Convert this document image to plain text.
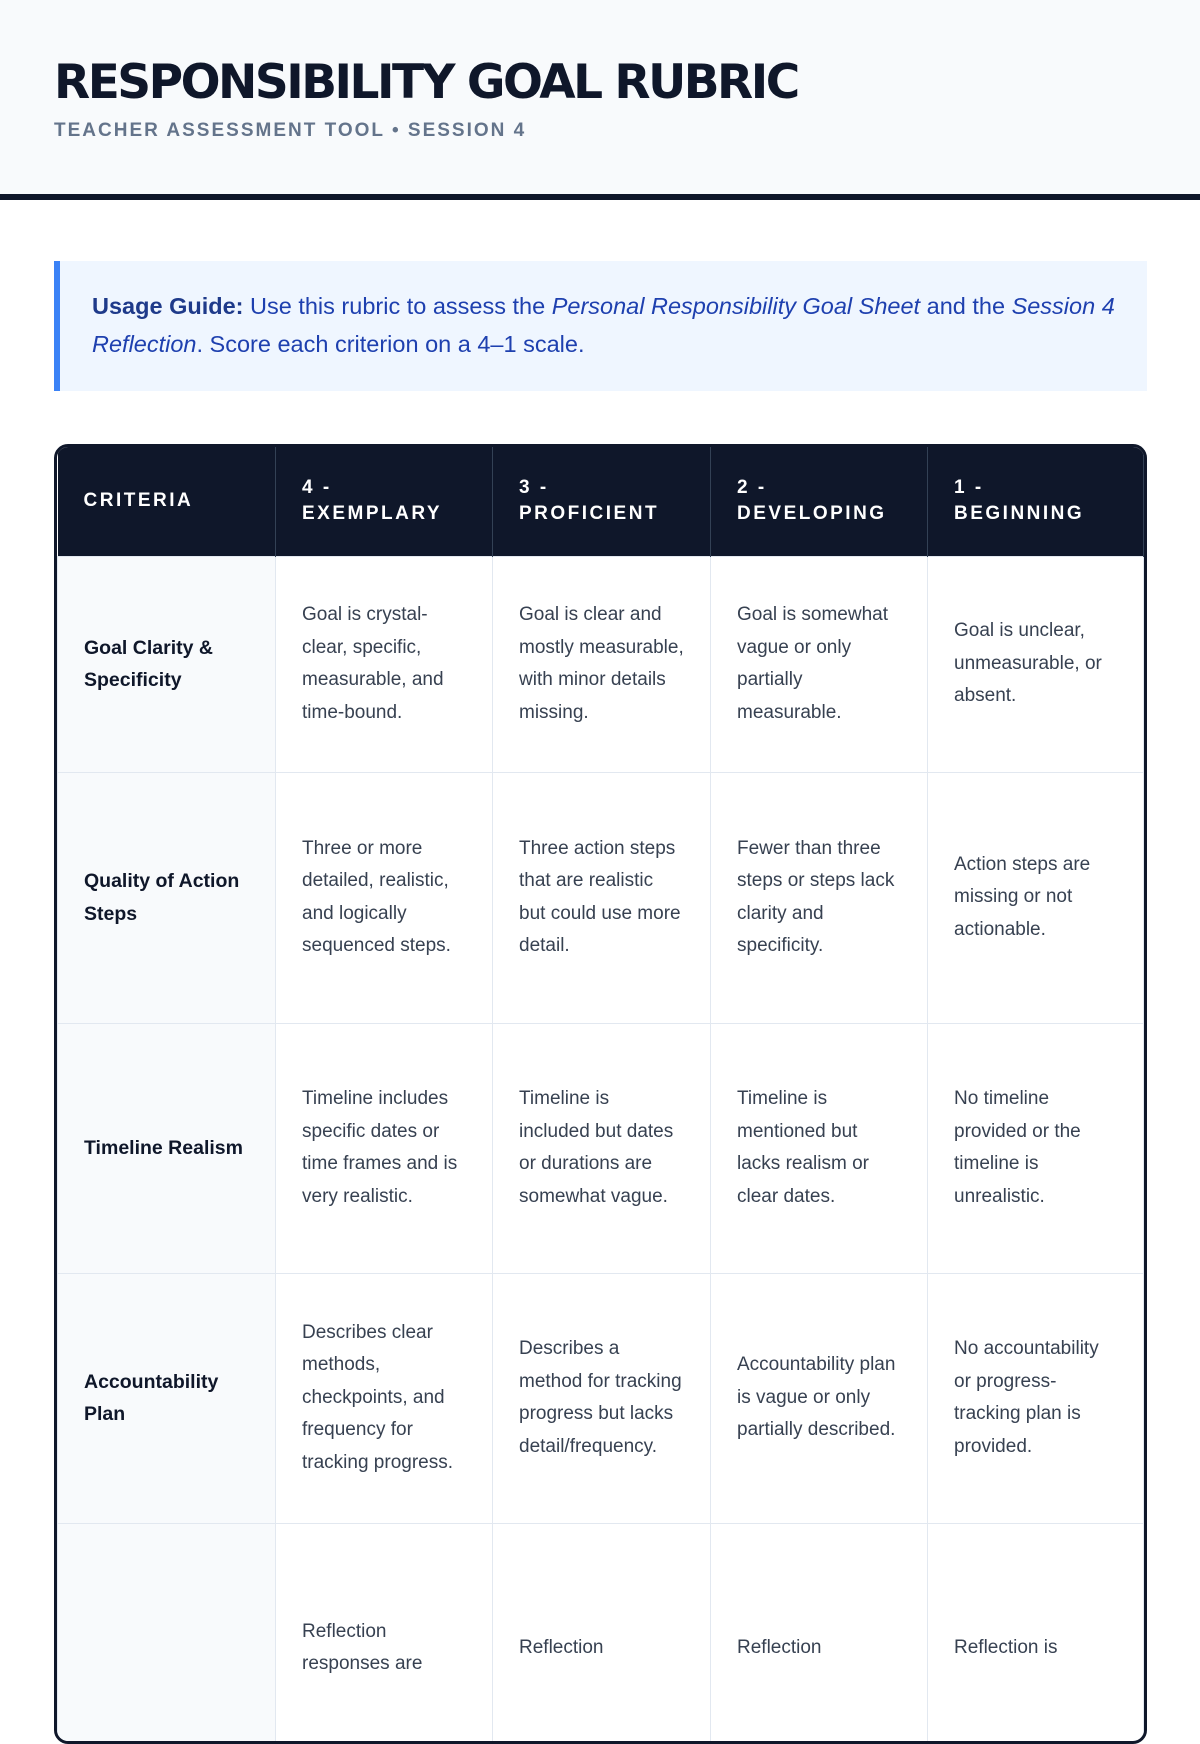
RESPONSIBILITY GOAL RUBRIC
TEACHER ASSESSMENT TOOL • SESSION 4
Usage Guide: Use this rubric to assess the Personal Responsibility Goal Sheet and the Session 4 Reflection. Score each criterion on a 4–1 scale.
CRITERIA	4 - EXEMPLARY	3 - PROFICIENT	2 - DEVELOPING	1 - BEGINNING
Goal Clarity & Specificity	Goal is crystal-clear, specific, measurable, and time-bound.	Goal is clear and mostly measurable, with minor details missing.	Goal is somewhat vague or only partially measurable.	Goal is unclear, unmeasurable, or absent.
Quality of Action Steps	Three or more detailed, realistic, and logically sequenced steps.	Three action steps that are realistic but could use more detail.	Fewer than three steps or steps lack clarity and specificity.	Action steps are missing or not actionable.
Timeline Realism	Timeline includes specific dates or time frames and is very realistic.	Timeline is included but dates or durations are somewhat vague.	Timeline is mentioned but lacks realism or clear dates.	No timeline provided or the timeline is unrealistic.
Accountability Plan	Describes clear methods, checkpoints, and frequency for tracking progress.	Describes a method for tracking progress but lacks detail/frequency.	Accountability plan is vague or only partially described.	No accountability or progress-tracking plan is provided.
	Reflection responses are	Reflection	Reflection	Reflection is
